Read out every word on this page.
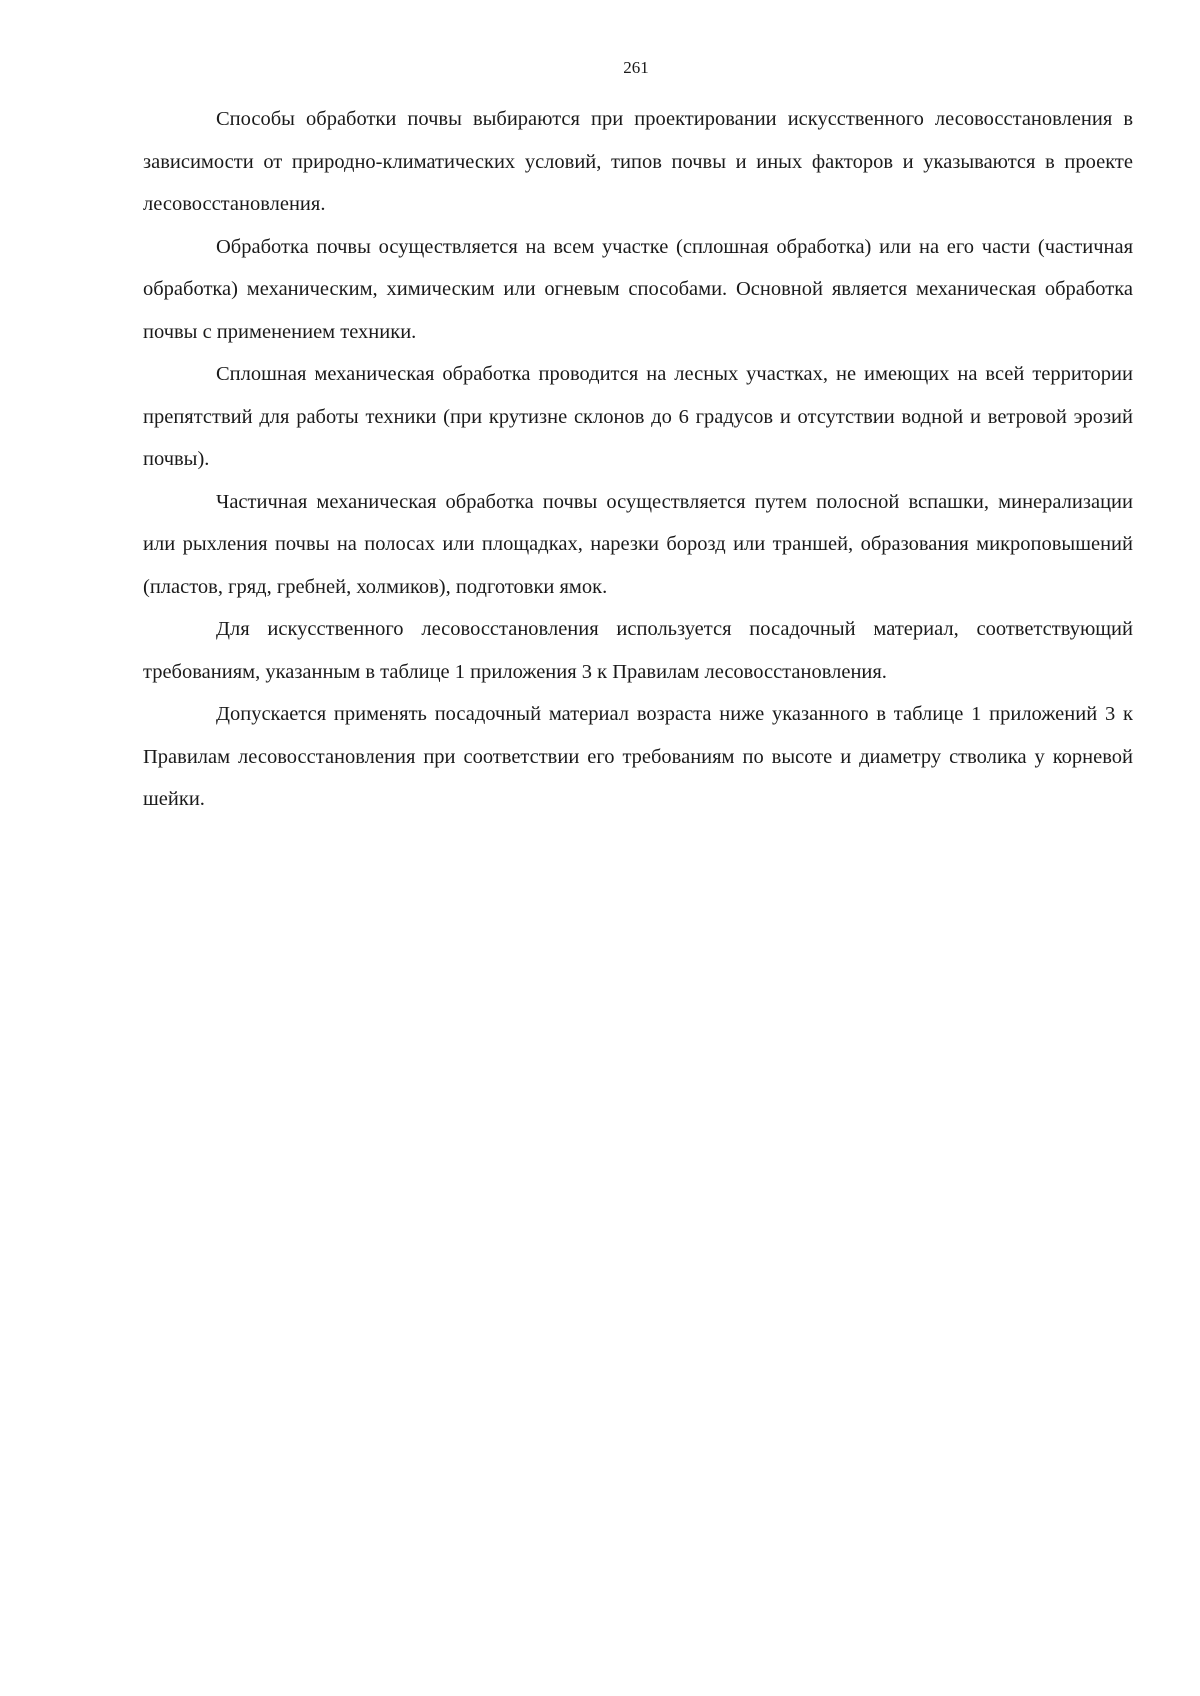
261

Способы обработки почвы выбираются при проектировании искусственного лесовосстановления в зависимости от природно-климатических условий, типов почвы и иных факторов и указываются в проекте лесовосстановления.

Обработка почвы осуществляется на всем участке (сплошная обработка) или на его части (частичная обработка) механическим, химическим или огневым способами. Основной является механическая обработка почвы с применением техники.

Сплошная механическая обработка проводится на лесных участках, не имеющих на всей территории препятствий для работы техники (при крутизне склонов до 6 градусов и отсутствии водной и ветровой эрозий почвы).

Частичная механическая обработка почвы осуществляется путем полосной вспашки, минерализации или рыхления почвы на полосах или площадках, нарезки борозд или траншей, образования микроповышений (пластов, гряд, гребней, холмиков), подготовки ямок.

Для искусственного лесовосстановления используется посадочный материал, соответствующий требованиям, указанным в таблице 1 приложения 3 к Правилам лесовосстановления.

Допускается применять посадочный материал возраста ниже указанного в таблице 1 приложений 3 к Правилам лесовосстановления при соответствии его требованиям по высоте и диаметру стволика у корневой шейки.
